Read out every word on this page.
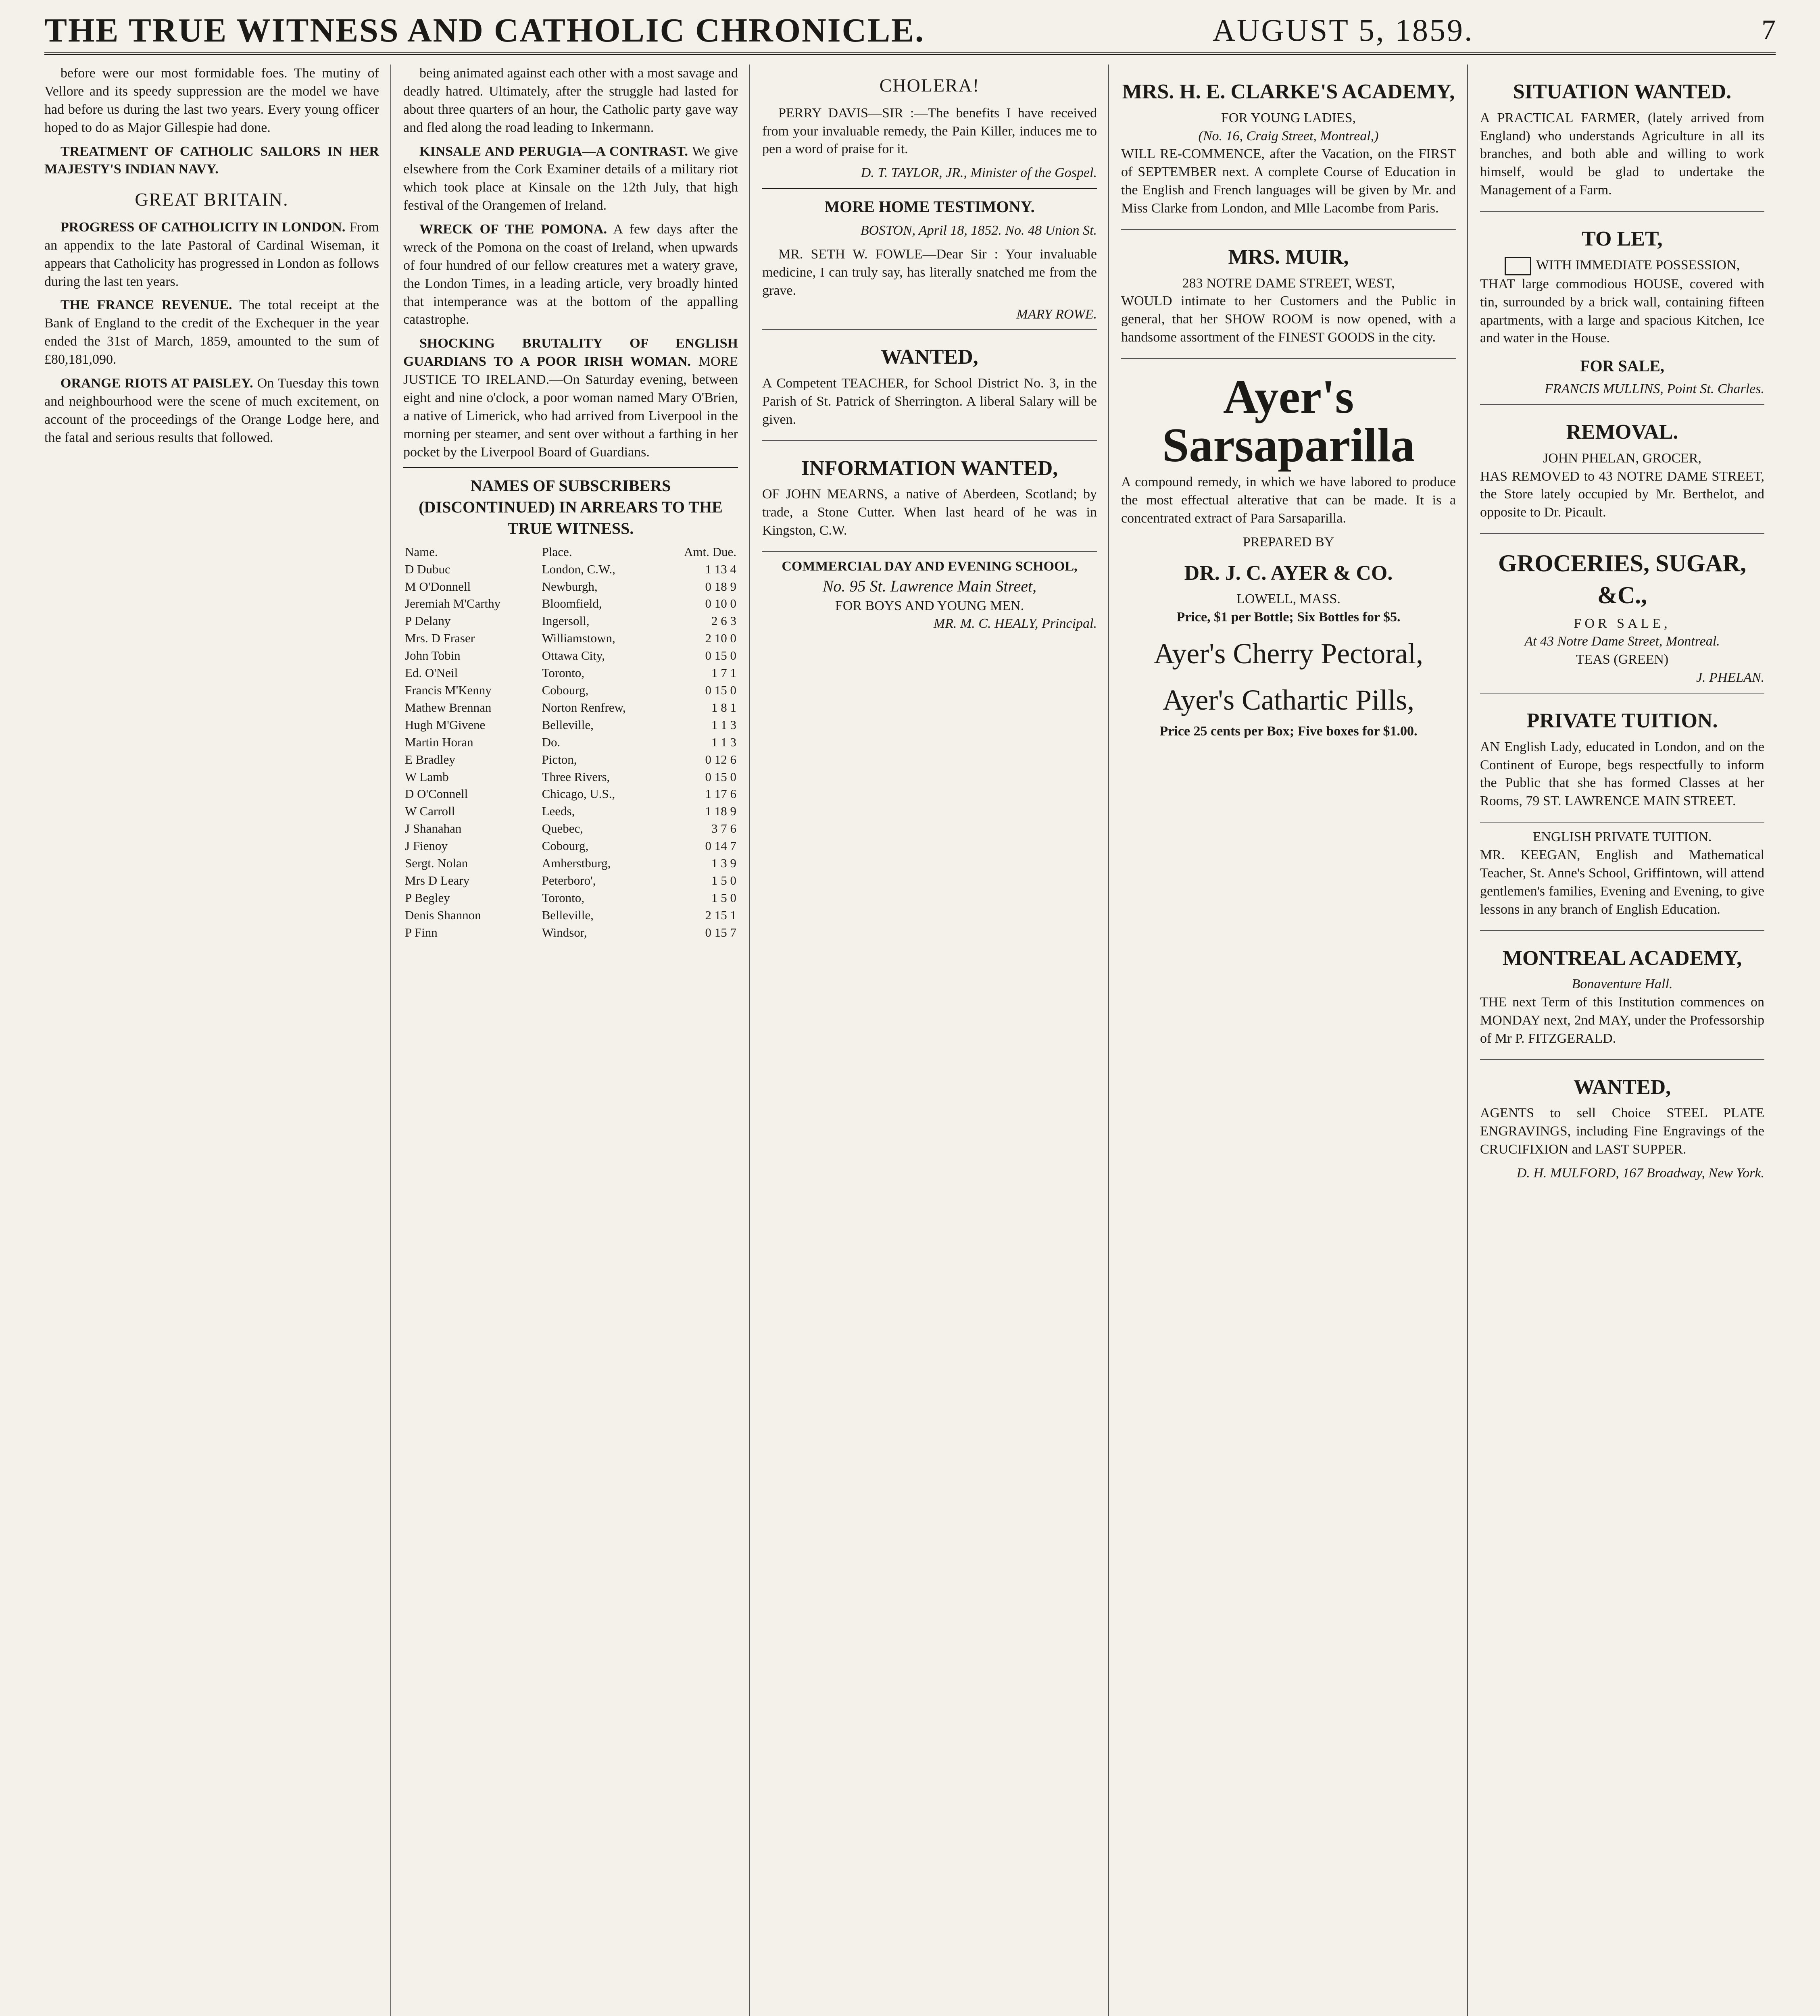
AUGUST 5, 1859.
THE TRUE WITNESS AND CATHOLIC CHRONICLE.	7

before were our most formidable foes. The mutiny of Vellore and its speedy suppression are the model we have had before us during the last two years. Every young officer hoped to do as Major Gillespie had done.

TREATMENT OF CATHOLIC SAILORS IN HER MAJESTY'S INDIAN NAVY.

GREAT BRITAIN.

PROGRESS OF CATHOLICITY IN LONDON. From an appendix to the late Pastoral of Cardinal Wiseman, it appears that Catholicity has progressed in London as follows during the last ten years.

THE FRANCE REVENUE. The total receipt at the Bank of England to the credit of the Exchequer in the year ended the 31st of March, 1859, amounted to the sum of £80,181,090.

ORANGE RIOTS AT PAISLEY. On Tuesday this town and neighbourhood were the scene of much excitement, on account of the proceedings of the Orange Lodge here, and the fatal and serious results that followed.

being animated against each other with a most savage and deadly hatred. Ultimately, after the struggle had lasted for about three quarters of an hour, the Catholic party gave way and fled along the road leading to Inkermann.

KINSALE AND PERUGIA—A CONTRAST. We give elsewhere from the Cork Examiner details of a military riot which took place at Kinsale on the 12th July, that high festival of the Orangemen of Ireland.

WRECK OF THE POMONA. A few days after the wreck of the Pomona on the coast of Ireland, when upwards of four hundred of our fellow creatures met a watery grave, the London Times, in a leading article, very broadly hinted that intemperance was at the bottom of the appalling catastrophe.

SHOCKING BRUTALITY OF ENGLISH GUARDIANS TO A POOR IRISH WOMAN. MORE JUSTICE TO IRELAND.—On Saturday evening, between eight and nine o'clock, a poor woman named Mary O'Brien, a native of Limerick, who had arrived from Liverpool in the morning per steamer, and sent over without a farthing in her pocket by the Liverpool Board of Guardians.

NAMES OF SUBSCRIBERS (DISCONTINUED) IN ARREARS TO THE TRUE WITNESS.
Name.	Place.	Amt. Due.
D Dubuc	London, C.W.,	1 13 4
M O'Donnell	Newburgh,	0 18 9
Jeremiah M'Carthy	Bloomfield,	0 10 0
P Delany	Ingersoll,	2 6 3
Mrs. D Fraser	Williamstown,	2 10 0
John Tobin	Ottawa City,	0 15 0
Ed. O'Neil	Toronto,	1 7 1
Francis M'Kenny	Cobourg,	0 15 0
Mathew Brennan	Norton Renfrew,	1 8 1
Hugh M'Givene	Belleville,	1 1 3
Martin Horan	Do.	1 1 3
E Bradley	Picton,	0 12 6
W Lamb	Three Rivers,	0 15 0
D O'Connell	Chicago, U.S.,	1 17 6
W Carroll	Leeds,	1 18 9
J Shanahan	Quebec,	3 7 6
J Fienoy	Cobourg,	0 14 7
Sergt. Nolan	Amherstburg,	1 3 9
Mrs D Leary	Peterboro',	1 5 0
P Begley	Toronto,	1 5 0
Denis Shannon	Belleville,	2 15 1
P Finn	Windsor,	0 15 7
CHOLERA!

PERRY DAVIS—SIR :—The benefits I have received from your invaluable remedy, the Pain Killer, induces me to pen a word of praise for it.

D. T. TAYLOR, JR., Minister of the Gospel.

MORE HOME TESTIMONY.

BOSTON, April 18, 1852. No. 48 Union St.

MR. SETH W. FOWLE—Dear Sir : Your invaluable medicine, I can truly say, has literally snatched me from the grave.

MARY ROWE.

WANTED,

A Competent TEACHER, for School District No. 3, in the Parish of St. Patrick of Sherrington. A liberal Salary will be given.

INFORMATION WANTED,

OF JOHN MEARNS, a native of Aberdeen, Scotland; by trade, a Stone Cutter. When last heard of he was in Kingston, C.W.

COMMERCIAL DAY AND EVENING SCHOOL,
No. 95 St. Lawrence Main Street,
FOR BOYS AND YOUNG MEN.
MR. M. C. HEALY, Principal.
MRS. H. E. CLARKE'S ACADEMY,
FOR YOUNG LADIES,
(No. 16, Craig Street, Montreal,)

WILL RE-COMMENCE, after the Vacation, on the FIRST of SEPTEMBER next. A complete Course of Education in the English and French languages will be given by Mr. and Miss Clarke from London, and Mlle Lacombe from Paris.

MRS. MUIR,
283 NOTRE DAME STREET, WEST,

WOULD intimate to her Customers and the Public in general, that her SHOW ROOM is now opened, with a handsome assortment of the FINEST GOODS in the city.

Ayer's Sarsaparilla

A compound remedy, in which we have labored to produce the most effectual alterative that can be made. It is a concentrated extract of Para Sarsaparilla.

PREPARED BY
DR. J. C. AYER & CO.
LOWELL, MASS.
Price, $1 per Bottle; Six Bottles for $5.
Ayer's Cherry Pectoral,
Ayer's Cathartic Pills,
Price 25 cents per Box; Five boxes for $1.00.
SITUATION WANTED.

A PRACTICAL FARMER, (lately arrived from England) who understands Agriculture in all its branches, and both able and willing to work himself, would be glad to undertake the Management of a Farm.

TO LET,
WITH IMMEDIATE POSSESSION,

THAT large commodious HOUSE, covered with tin, surrounded by a brick wall, containing fifteen apartments, with a large and spacious Kitchen, Ice and water in the House.

FOR SALE,
FRANCIS MULLINS, Point St. Charles.
REMOVAL.
JOHN PHELAN, GROCER,

HAS REMOVED to 43 NOTRE DAME STREET, the Store lately occupied by Mr. Berthelot, and opposite to Dr. Picault.

GROCERIES, SUGAR, &C.,
FOR SALE,
At 43 Notre Dame Street, Montreal.
TEAS (GREEN)
J. PHELAN.
PRIVATE TUITION.

AN English Lady, educated in London, and on the Continent of Europe, begs respectfully to inform the Public that she has formed Classes at her Rooms, 79 ST. LAWRENCE MAIN STREET.

ENGLISH PRIVATE TUITION.

MR. KEEGAN, English and Mathematical Teacher, St. Anne's School, Griffintown, will attend gentlemen's families, Evening and Evening, to give lessons in any branch of English Education.

MONTREAL ACADEMY,
Bonaventure Hall.

THE next Term of this Institution commences on MONDAY next, 2nd MAY, under the Professorship of Mr P. FITZGERALD.

WANTED,

AGENTS to sell Choice STEEL PLATE ENGRAVINGS, including Fine Engravings of the CRUCIFIXION and LAST SUPPER.

D. H. MULFORD, 167 Broadway, New York.
